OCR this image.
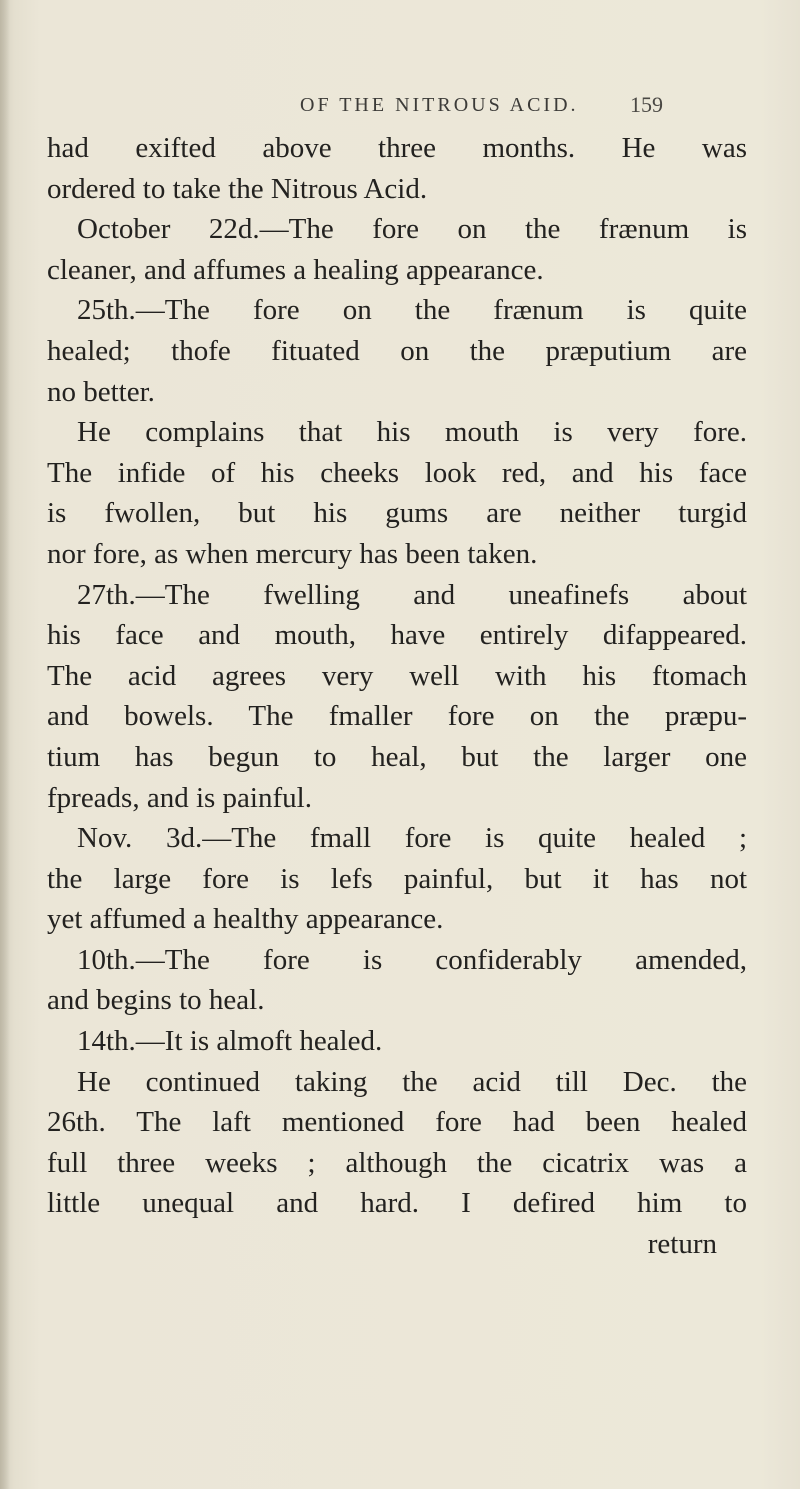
OF THE NITROUS ACID. 159
had exifted above three months. He was
ordered to take the Nitrous Acid.
October 22d.—The fore on the frænum is
cleaner, and affumes a healing appearance.
25th.—The fore on the frænum is quite
healed; thofe fituated on the præputium are
no better.
He complains that his mouth is very fore.
The infide of his cheeks look red, and his face
is fwollen, but his gums are neither turgid
nor fore, as when mercury has been taken.
27th.—The fwelling and uneafinefs about
his face and mouth, have entirely difappeared.
The acid agrees very well with his ftomach
and bowels. The fmaller fore on the præpu-
tium has begun to heal, but the larger one
fpreads, and is painful.
Nov. 3d.—The fmall fore is quite healed ;
the large fore is lefs painful, but it has not
yet affumed a healthy appearance.
10th.—The fore is confiderably amended,
and begins to heal.
14th.—It is almoft healed.
He continued taking the acid till Dec. the
26th. The laft mentioned fore had been healed
full three weeks ; although the cicatrix was a
little unequal and hard. I defired him to
return
